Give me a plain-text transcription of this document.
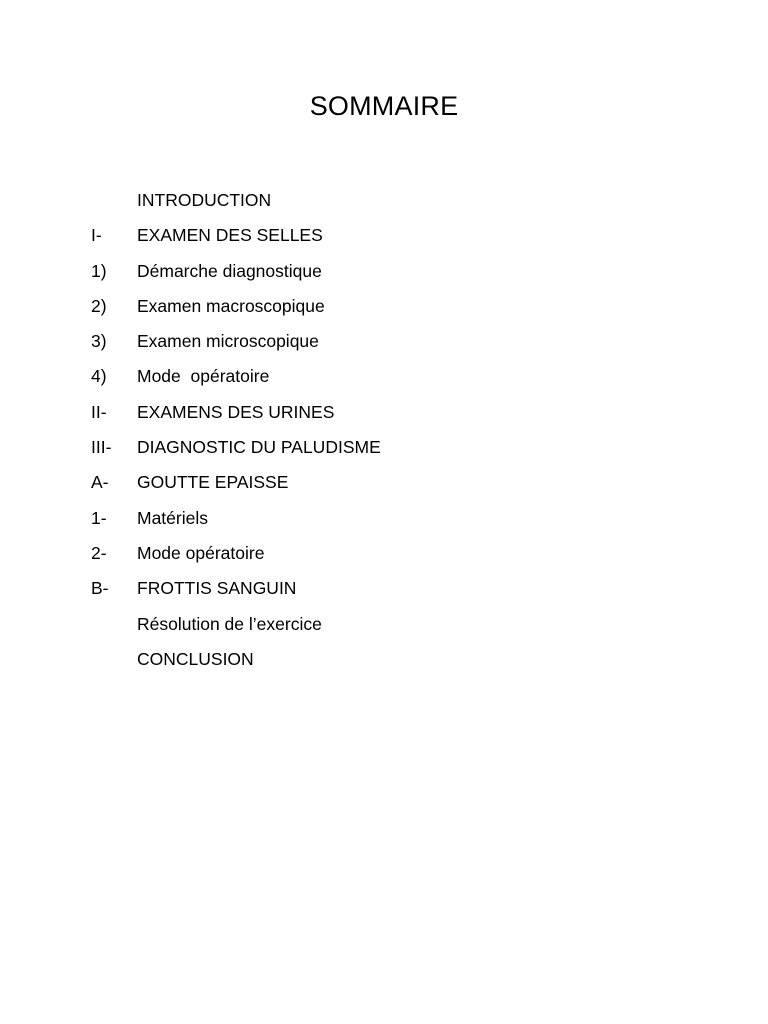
SOMMAIRE
INTRODUCTION
I-	EXAMEN DES SELLES
1)	Démarche diagnostique
2)	Examen macroscopique
3)	Examen microscopique
4)	Mode  opératoire
II-	EXAMENS DES URINES
III-	DIAGNOSTIC DU PALUDISME
A-	GOUTTE EPAISSE
1-	Matériels
2-	Mode opératoire
B-	FROTTIS SANGUIN
Résolution de l’exercice
CONCLUSION
